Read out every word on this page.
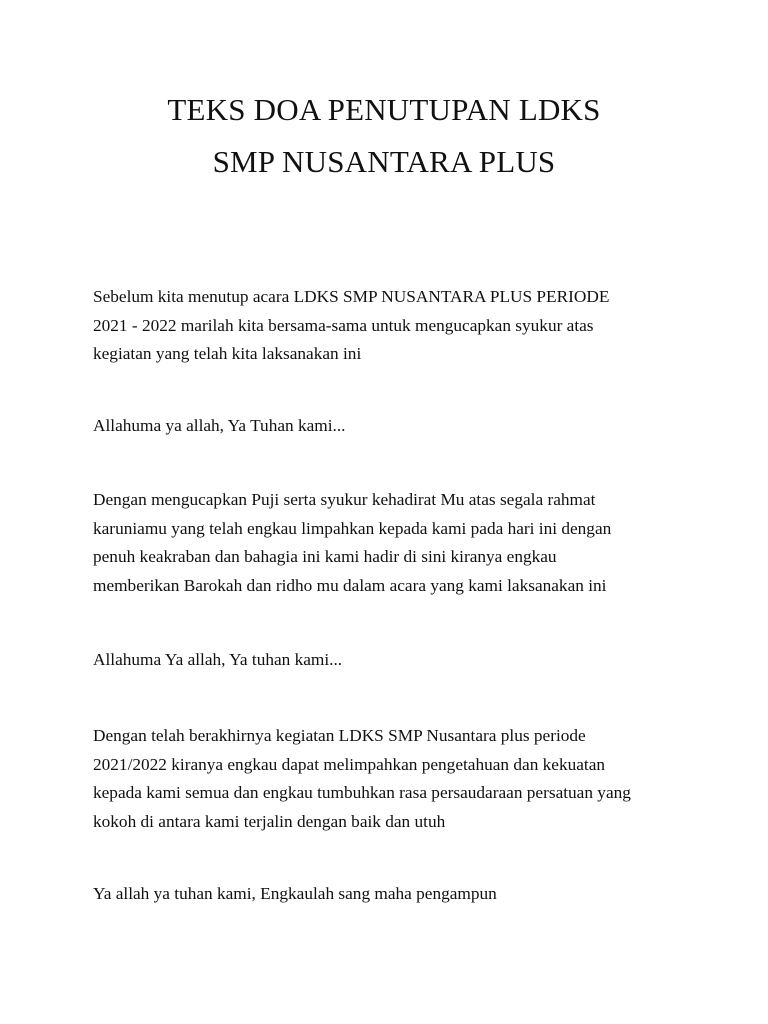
TEKS DOA PENUTUPAN LDKS
SMP NUSANTARA PLUS

Sebelum kita menutup acara LDKS SMP NUSANTARA PLUS PERIODE
2021 - 2022 marilah kita bersama-sama untuk mengucapkan syukur atas
kegiatan yang telah kita laksanakan ini

Allahuma ya allah, Ya Tuhan kami...

Dengan mengucapkan Puji serta syukur kehadirat Mu atas segala rahmat
karuniamu yang telah engkau limpahkan kepada kami pada hari ini dengan
penuh keakraban dan bahagia ini kami hadir di sini kiranya engkau
memberikan Barokah dan ridho mu dalam acara yang kami laksanakan ini

Allahuma Ya allah, Ya tuhan kami...

Dengan telah berakhirnya kegiatan LDKS SMP Nusantara plus periode
2021/2022 kiranya engkau dapat melimpahkan pengetahuan dan kekuatan
kepada kami semua dan engkau tumbuhkan rasa persaudaraan persatuan yang
kokoh di antara kami terjalin dengan baik dan utuh

Ya allah ya tuhan kami, Engkaulah sang maha pengampun
